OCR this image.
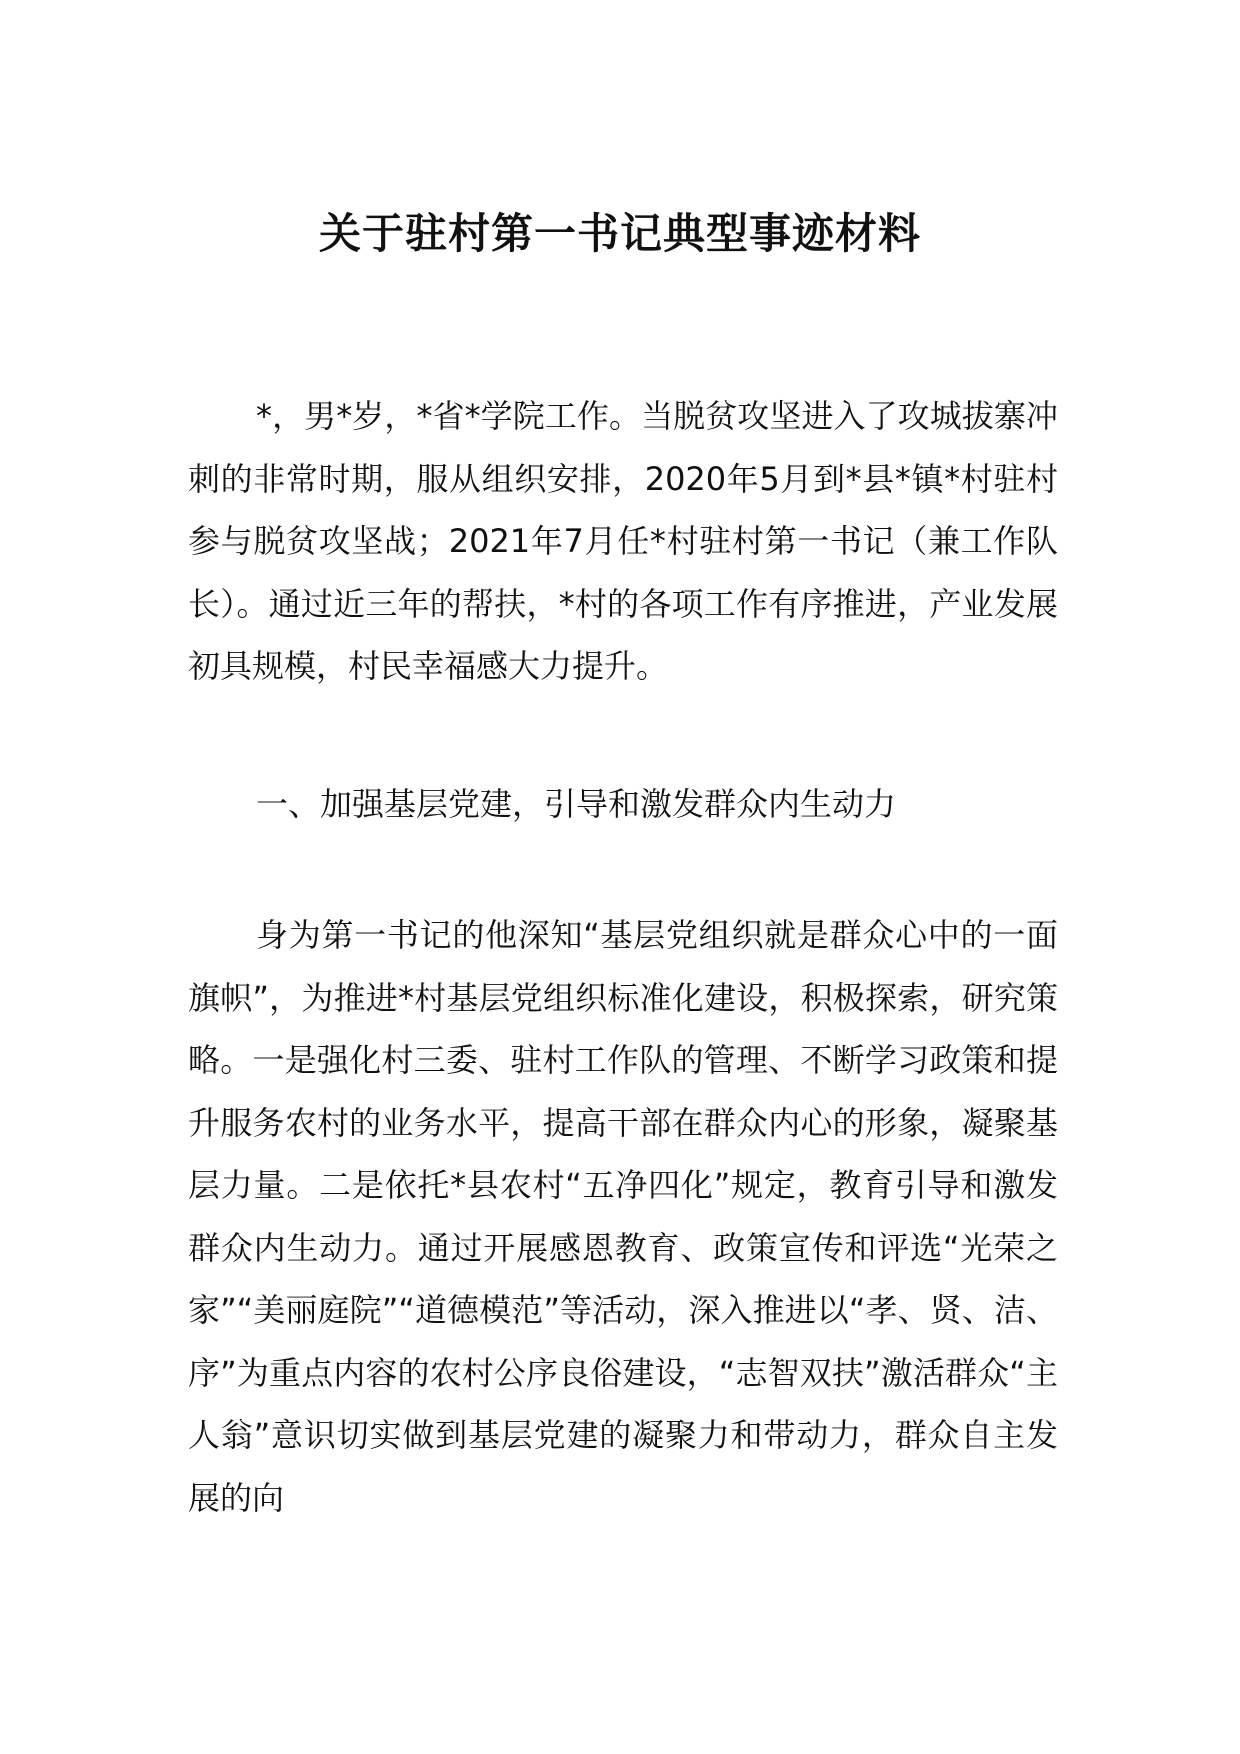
关于驻村第一书记典型事迹材料
*，男*岁，*省*学院工作。当脱贫攻坚进入了攻城拔寨冲刺的非常时期，服从组织安排，2020年5月到*县*镇*村驻村参与脱贫攻坚战；2021年7月任*村驻村第一书记（兼工作队长）。通过近三年的帮扶，*村的各项工作有序推进，产业发展初具规模，村民幸福感大力提升。
一、加强基层党建，引导和激发群众内生动力
身为第一书记的他深知“基层党组织就是群众心中的一面旗帜”，为推进*村基层党组织标准化建设，积极探索，研究策略。一是强化村三委、驻村工作队的管理、不断学习政策和提升服务农村的业务水平，提高干部在群众内心的形象，凝聚基层力量。二是依托*县农村“五净四化”规定，教育引导和激发群众内生动力。通过开展感恩教育、政策宣传和评选“光荣之家”“美丽庭院”“道德模范”等活动，深入推进以“孝、贤、洁、序”为重点内容的农村公序良俗建设，“志智双扶”激活群众“主人翁”意识切实做到基层党建的凝聚力和带动力，群众自主发展的向
